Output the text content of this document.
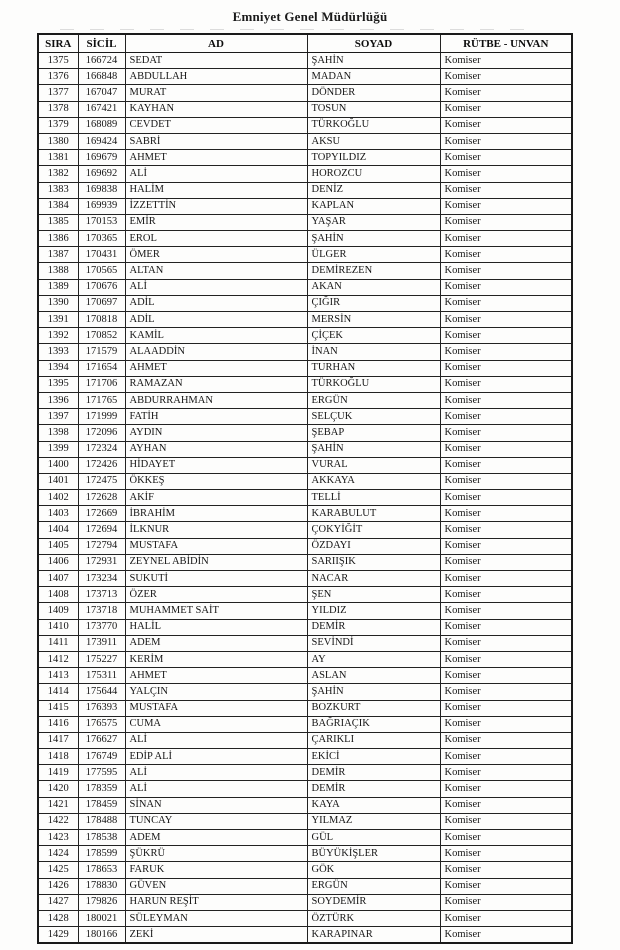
Emniyet Genel Müdürlüğü
SIRA	SİCİL	AD	SOYAD	RÜTBE - UNVAN
1375	166724	SEDAT	ŞAHİN	Komiser
1376	166848	ABDULLAH	MADAN	Komiser
1377	167047	MURAT	DÖNDER	Komiser
1378	167421	KAYHAN	TOSUN	Komiser
1379	168089	CEVDET	TÜRKOĞLU	Komiser
1380	169424	SABRİ	AKSU	Komiser
1381	169679	AHMET	TOPYILDIZ	Komiser
1382	169692	ALİ	HOROZCU	Komiser
1383	169838	HALİM	DENİZ	Komiser
1384	169939	İZZETTİN	KAPLAN	Komiser
1385	170153	EMİR	YAŞAR	Komiser
1386	170365	EROL	ŞAHİN	Komiser
1387	170431	ÖMER	ÜLGER	Komiser
1388	170565	ALTAN	DEMİREZEN	Komiser
1389	170676	ALİ	AKAN	Komiser
1390	170697	ADİL	ÇIĞIR	Komiser
1391	170818	ADİL	MERSİN	Komiser
1392	170852	KAMİL	ÇİÇEK	Komiser
1393	171579	ALAADDİN	İNAN	Komiser
1394	171654	AHMET	TURHAN	Komiser
1395	171706	RAMAZAN	TÜRKOĞLU	Komiser
1396	171765	ABDURRAHMAN	ERGÜN	Komiser
1397	171999	FATİH	SELÇUK	Komiser
1398	172096	AYDIN	ŞEBAP	Komiser
1399	172324	AYHAN	ŞAHİN	Komiser
1400	172426	HİDAYET	VURAL	Komiser
1401	172475	ÖKKEŞ	AKKAYA	Komiser
1402	172628	AKİF	TELLİ	Komiser
1403	172669	İBRAHİM	KARABULUT	Komiser
1404	172694	İLKNUR	ÇOKYİĞİT	Komiser
1405	172794	MUSTAFA	ÖZDAYI	Komiser
1406	172931	ZEYNEL ABİDİN	SARIIŞIK	Komiser
1407	173234	SUKUTİ	NACAR	Komiser
1408	173713	ÖZER	ŞEN	Komiser
1409	173718	MUHAMMET SAİT	YILDIZ	Komiser
1410	173770	HALİL	DEMİR	Komiser
1411	173911	ADEM	SEVİNDİ	Komiser
1412	175227	KERİM	AY	Komiser
1413	175311	AHMET	ASLAN	Komiser
1414	175644	YALÇIN	ŞAHİN	Komiser
1415	176393	MUSTAFA	BOZKURT	Komiser
1416	176575	CUMA	BAĞRIAÇIK	Komiser
1417	176627	ALİ	ÇARIKLI	Komiser
1418	176749	EDİP ALİ	EKİCİ	Komiser
1419	177595	ALİ	DEMİR	Komiser
1420	178359	ALİ	DEMİR	Komiser
1421	178459	SİNAN	KAYA	Komiser
1422	178488	TUNCAY	YILMAZ	Komiser
1423	178538	ADEM	GÜL	Komiser
1424	178599	ŞÜKRÜ	BÜYÜKİŞLER	Komiser
1425	178653	FARUK	GÖK	Komiser
1426	178830	GÜVEN	ERGÜN	Komiser
1427	179826	HARUN REŞİT	SOYDEMİR	Komiser
1428	180021	SÜLEYMAN	ÖZTÜRK	Komiser
1429	180166	ZEKİ	KARAPINAR	Komiser
